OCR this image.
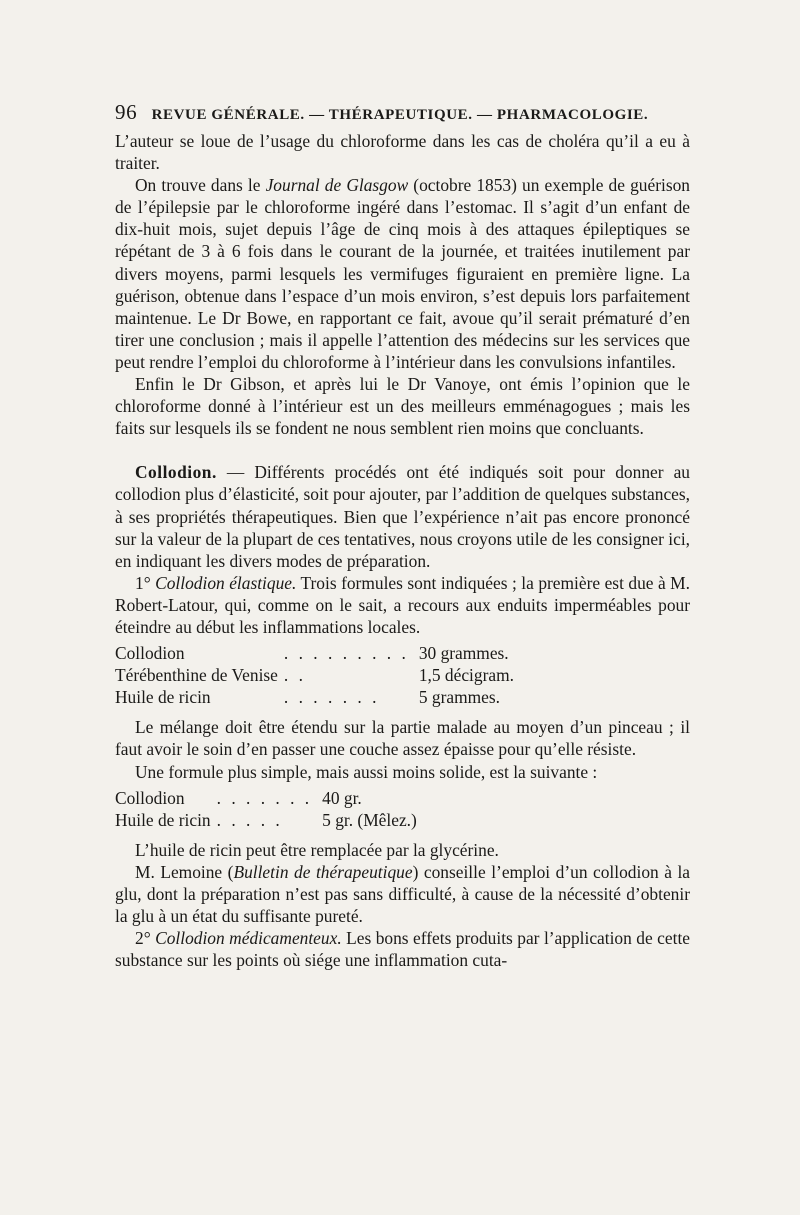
96 REVUE GÉNÉRALE. — THÉRAPEUTIQUE. — PHARMACOLOGIE.

L’auteur se loue de l’usage du chloroforme dans les cas de choléra qu’il a eu à traiter.

On trouve dans le Journal de Glasgow (octobre 1853) un exemple de guérison de l’épilepsie par le chloroforme ingéré dans l’estomac. Il s’agit d’un enfant de dix-huit mois, sujet depuis l’âge de cinq mois à des attaques épileptiques se répétant de 3 à 6 fois dans le courant de la journée, et traitées inutilement par divers moyens, parmi lesquels les vermifuges figuraient en première ligne. La guérison, obtenue dans l’espace d’un mois environ, s’est depuis lors parfaitement maintenue. Le Dr Bowe, en rapportant ce fait, avoue qu’il serait prématuré d’en tirer une conclusion ; mais il appelle l’attention des médecins sur les services que peut rendre l’emploi du chloroforme à l’intérieur dans les convulsions infantiles.

Enfin le Dr Gibson, et après lui le Dr Vanoye, ont émis l’opinion que le chloroforme donné à l’intérieur est un des meilleurs emménagogues ; mais les faits sur lesquels ils se fondent ne nous semblent rien moins que concluants.

Collodion. — Différents procédés ont été indiqués soit pour donner au collodion plus d’élasticité, soit pour ajouter, par l’addition de quelques substances, à ses propriétés thérapeutiques. Bien que l’expérience n’ait pas encore prononcé sur la valeur de la plupart de ces tentatives, nous croyons utile de les consigner ici, en indiquant les divers modes de préparation.

1° Collodion élastique. Trois formules sont indiquées ; la première est due à M. Robert-Latour, qui, comme on le sait, a recours aux enduits imperméables pour éteindre au début les inflammations locales.

Collodion	. . . . . . . . .	30 grammes.
Térébenthine de Venise	. .	1,5 décigram.
Huile de ricin	. . . . . . .	5 grammes.

Le mélange doit être étendu sur la partie malade au moyen d’un pinceau ; il faut avoir le soin d’en passer une couche assez épaisse pour qu’elle résiste.

Une formule plus simple, mais aussi moins solide, est la suivante :

Collodion	. . . . . . .	40 gr.
Huile de ricin	. . . . .	5 gr. (Mêlez.)

L’huile de ricin peut être remplacée par la glycérine.

M. Lemoine (Bulletin de thérapeutique) conseille l’emploi d’un collodion à la glu, dont la préparation n’est pas sans difficulté, à cause de la nécessité d’obtenir la glu à un état du suffisante pureté.

2° Collodion médicamenteux. Les bons effets produits par l’application de cette substance sur les points où siége une inflammation cuta-
